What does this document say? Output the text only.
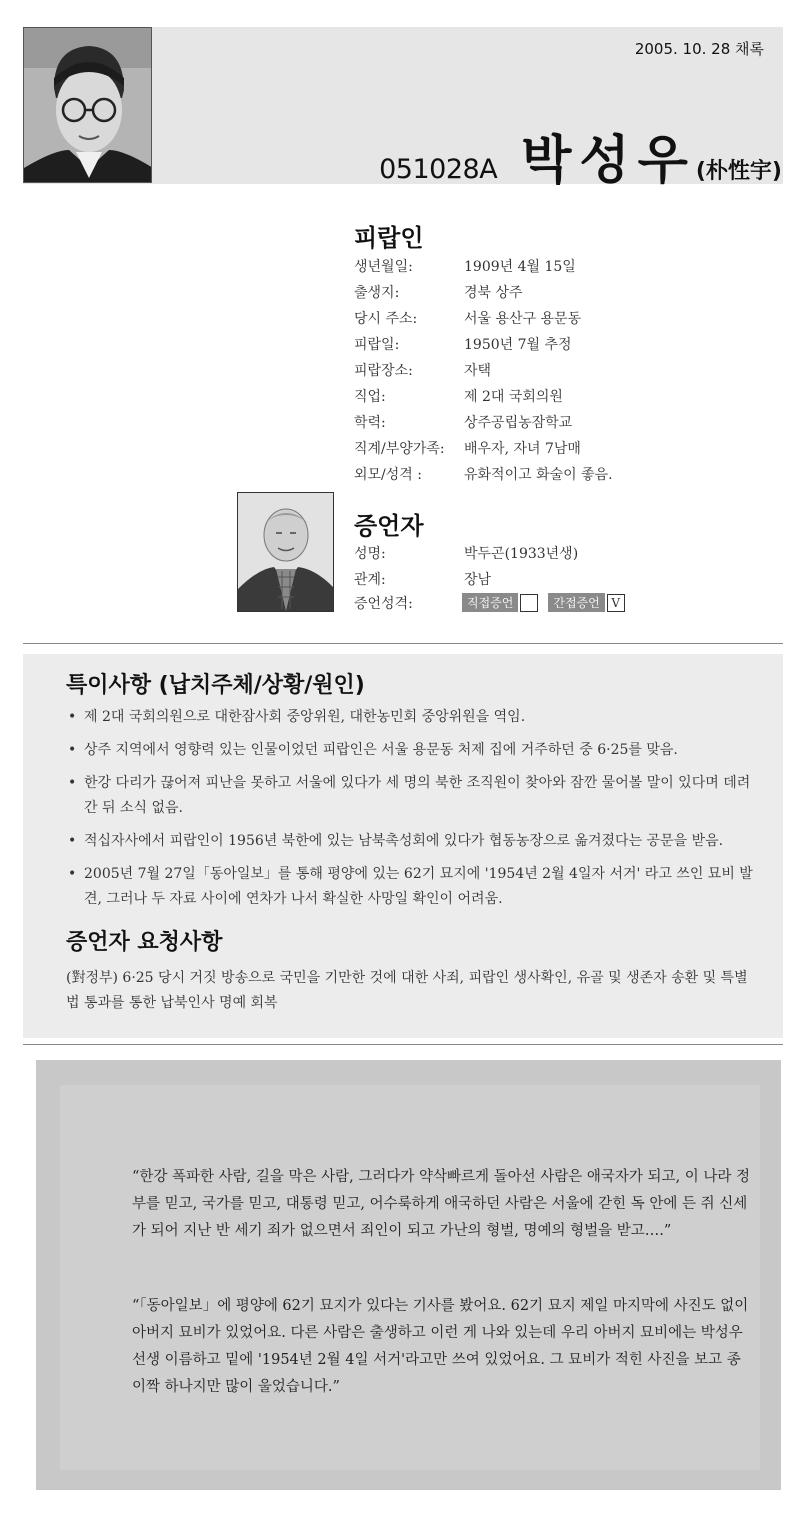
2005. 10. 28 채록
051028A 박성우 (朴性宇)
피랍인
생년월일:	1909년 4월 15일
출생지:	경북 상주
당시 주소:	서울 용산구 용문동
피랍일:	1950년 7월 추정
피랍장소:	자택
직업:	제 2대 국회의원
학력:	상주공립농잠학교
직계/부양가족: 배우자, 자녀 7남매
외모/성격 :	유화적이고 화술이 좋음.
증언자
성명:	박두곤(1933년생)
관계:	장남
증언성격:	직접증언	간접증언 V
특이사항 (납치주체/상황/원인)
• 제 2대 국회의원으로 대한잠사회 중앙위원, 대한농민회 중앙위원을 역임.
• 상주 지역에서 영향력 있는 인물이었던 피랍인은 서울 용문동 처제 집에 거주하던 중 6·25를 맞음.
• 한강 다리가 끊어져 피난을 못하고 서울에 있다가 세 명의 북한 조직원이 찾아와 잠깐 물어볼 말이 있다며 데려간 뒤 소식 없음.
• 적십자사에서 피랍인이 1956년 북한에 있는 남북촉성회에 있다가 협동농장으로 옮겨졌다는 공문을 받음.
• 2005년 7월 27일「동아일보」를 통해 평양에 있는 62기 묘지에 '1954년 2월 4일자 서거' 라고 쓰인 묘비 발견, 그러나 두 자료 사이에 연차가 나서 확실한 사망일 확인이 어려움.
증언자 요청사항
(對정부) 6·25 당시 거짓 방송으로 국민을 기만한 것에 대한 사죄, 피랍인 생사확인, 유골 및 생존자 송환 및 특별법 통과를 통한 납북인사 명예 회복
“한강 폭파한 사람, 길을 막은 사람, 그러다가 약삭빠르게 돌아선 사람은 애국자가 되고, 이 나라 정부를 믿고, 국가를 믿고, 대통령 믿고, 어수룩하게 애국하던 사람은 서울에 갇힌 독 안에 든 쥐 신세가 되어 지난 반 세기 죄가 없으면서 죄인이 되고 가난의 형벌, 명예의 형벌을 받고….”
“「동아일보」에 평양에 62기 묘지가 있다는 기사를 봤어요. 62기 묘지 제일 마지막에 사진도 없이 아버지 묘비가 있었어요. 다른 사람은 출생하고 이런 게 나와 있는데 우리 아버지 묘비에는 박성우 선생 이름하고 밑에 '1954년 2월 4일 서거'라고만 쓰여 있었어요. 그 묘비가 적힌 사진을 보고 종이짝 하나지만 많이 울었습니다.”
